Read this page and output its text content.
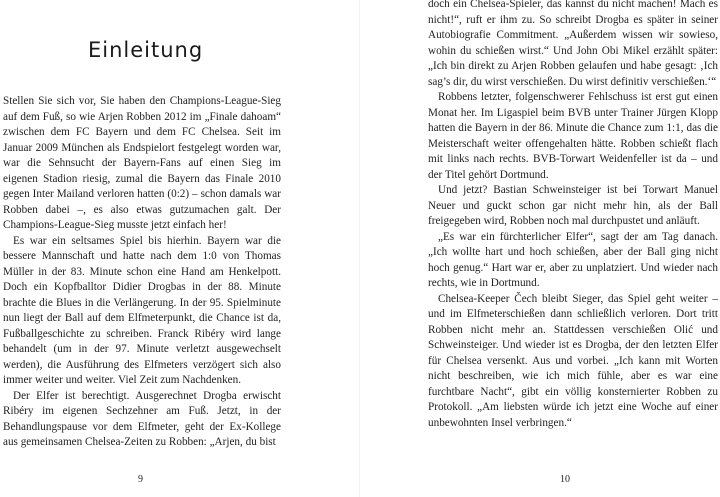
Einleitung

Stellen Sie sich vor, Sie haben den Champions-League-Sieg auf dem Fuß, so wie Arjen Robben 2012 im „Finale dahoam“ zwischen dem FC Bayern und dem FC Chelsea. Seit im Januar 2009 München als Endspielort festgelegt worden war, war die Sehnsucht der Bayern-Fans auf einen Sieg im eigenen Stadion riesig, zumal die Bayern das Finale 2010 gegen Inter Mailand verloren hatten (0:2) – schon damals war Robben dabei –, es also etwas gutzumachen galt. Der Champions-League-Sieg musste jetzt einfach her!

Es war ein seltsames Spiel bis hierhin. Bayern war die bessere Mannschaft und hatte nach dem 1:0 von Thomas Müller in der 83. Minute schon eine Hand am Henkelpott. Doch ein Kopfballtor Didier Drogbas in der 88. Minute brachte die Blues in die Verlängerung. In der 95. Spielminute nun liegt der Ball auf dem Elfmeterpunkt, die Chance ist da, Fußballgeschichte zu schreiben. Franck Ribéry wird lange behandelt (um in der 97. Minute verletzt ausgewechselt werden), die Ausführung des Elfmeters verzögert sich also immer weiter und weiter. Viel Zeit zum Nachdenken.

Der Elfer ist berechtigt. Ausgerechnet Drogba erwischt Ribéry im eigenen Sechzehner am Fuß. Jetzt, in der Behandlungspause vor dem Elfmeter, geht der Ex-Kollege aus gemeinsamen Chelsea-Zeiten zu Robben: „Arjen, du bist

9

doch ein Chelsea-Spieler, das kannst du nicht machen! Mach es nicht!“, ruft er ihm zu. So schreibt Drogba es später in seiner Autobiografie Commitment. „Außerdem wissen wir sowieso, wohin du schießen wirst.“ Und John Obi Mikel erzählt später: „Ich bin direkt zu Arjen Robben gelaufen und habe gesagt: ‚Ich sag’s dir, du wirst verschießen. Du wirst definitiv verschießen.‘“

Robbens letzter, folgenschwerer Fehlschuss ist erst gut einen Monat her. Im Ligaspiel beim BVB unter Trainer Jürgen Klopp hatten die Bayern in der 86. Minute die Chance zum 1:1, das die Meisterschaft weiter offengehalten hätte. Robben schießt flach mit links nach rechts. BVB-Torwart Weidenfeller ist da – und der Titel gehört Dortmund.

Und jetzt? Bastian Schweinsteiger ist bei Torwart Manuel Neuer und guckt schon gar nicht mehr hin, als der Ball freigegeben wird, Robben noch mal durchpustet und anläuft.

„Es war ein fürchterlicher Elfer“, sagt der am Tag danach. „Ich wollte hart und hoch schießen, aber der Ball ging nicht hoch genug.“ Hart war er, aber zu unplatziert. Und wieder nach rechts, wie in Dortmund.

Chelsea-Keeper Čech bleibt Sieger, das Spiel geht weiter – und im Elfmeterschießen dann schließlich verloren. Dort tritt Robben nicht mehr an. Stattdessen verschießen Olić und Schweinsteiger. Und wieder ist es Drogba, der den letzten Elfer für Chelsea versenkt. Aus und vorbei. „Ich kann mit Worten nicht beschreiben, wie ich mich fühle, aber es war eine furchtbare Nacht“, gibt ein völlig konsternierter Robben zu Protokoll. „Am liebsten würde ich jetzt eine Woche auf einer unbewohnten Insel verbringen.“

10
